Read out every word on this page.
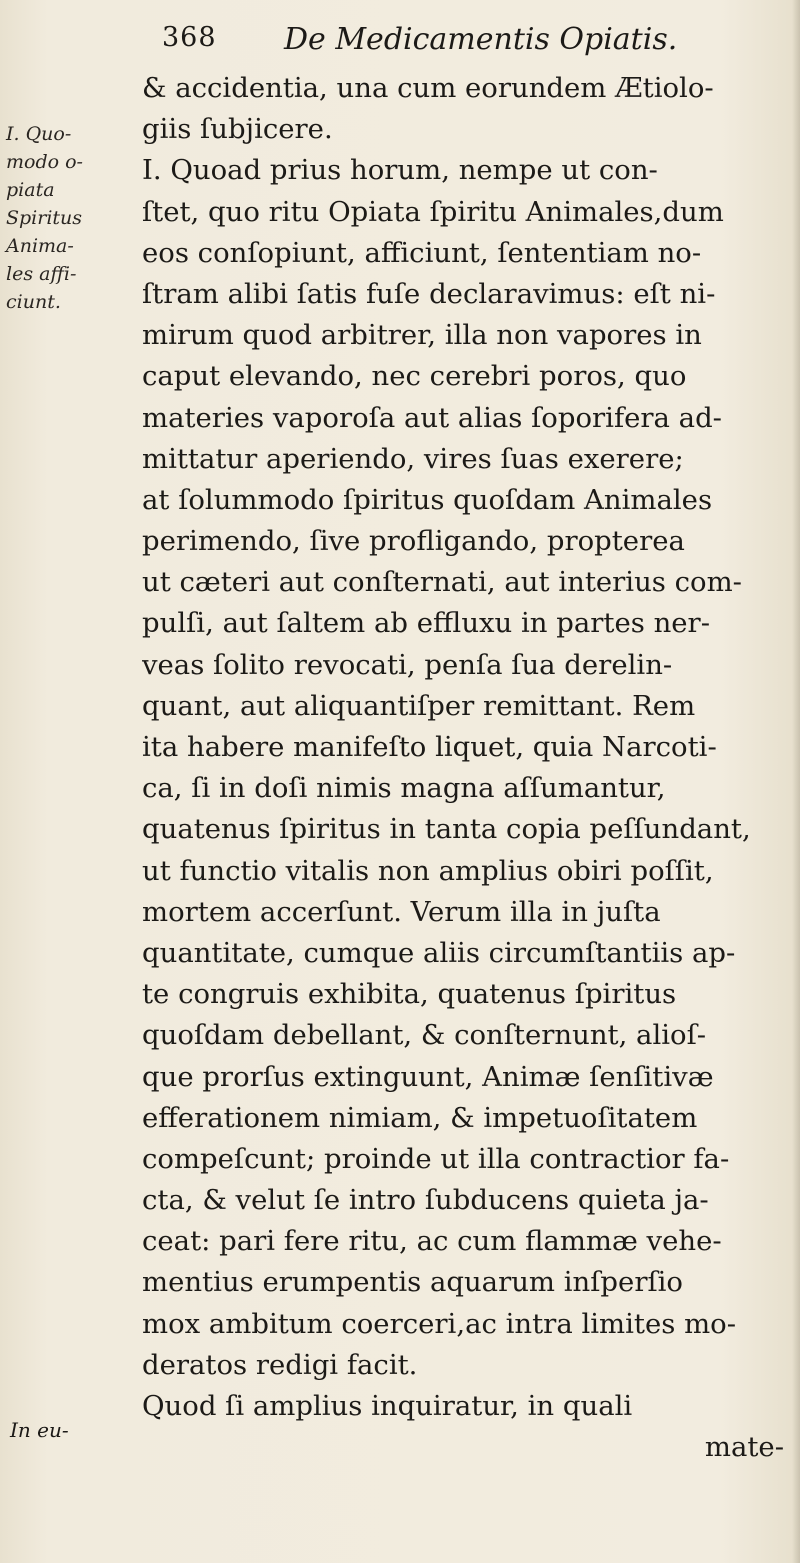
368 De Medicamentis Opiatis.
I. Quo-
modo o-
piata
Spiritus
Anima-
les affi-
ciunt.
In eu-
& accidentia, una cum eorundem Ætiolo-
giis ſubjicere.
I. Quoad prius horum, nempe ut con-
ſtet, quo ritu Opiata ſpiritu Animales,dum
eos conſopiunt, afficiunt, ſententiam no-
ſtram alibi ſatis fuſe declaravimus: eſt ni-
mirum quod arbitrer, illa non vapores in
caput elevando, nec cerebri poros, quo
materies vaporoſa aut alias ſoporifera ad-
mittatur aperiendo, vires ſuas exerere;
at ſolummodo ſpiritus quoſdam Animales
perimendo, ſive profligando, propterea
ut cæteri aut conſternati, aut interius com-
pulſi, aut ſaltem ab effluxu in partes ner-
veas ſolito revocati, penſa ſua derelin-
quant, aut aliquantiſper remittant. Rem
ita habere manifeſto liquet, quia Narcoti-
ca, ſi in doſi nimis magna aſſumantur,
quatenus ſpiritus in tanta copia peſſundant,
ut functio vitalis non amplius obiri poſſit,
mortem accerſunt. Verum illa in juſta
quantitate, cumque aliis circumſtantiis ap-
te congruis exhibita, quatenus ſpiritus
quoſdam debellant, & conſternunt, alioſ-
que prorſus extinguunt, Animæ ſenſitivæ
efferationem nimiam, & impetuoſitatem
compeſcunt; proinde ut illa contractior fa-
cta, & velut ſe intro ſubducens quieta ja-
ceat: pari fere ritu, ac cum flammæ vehe-
mentius erumpentis aquarum inſperſio
mox ambitum coerceri,ac intra limites mo-
deratos redigi facit.
Quod ſi amplius inquiratur, in quali
mate-
